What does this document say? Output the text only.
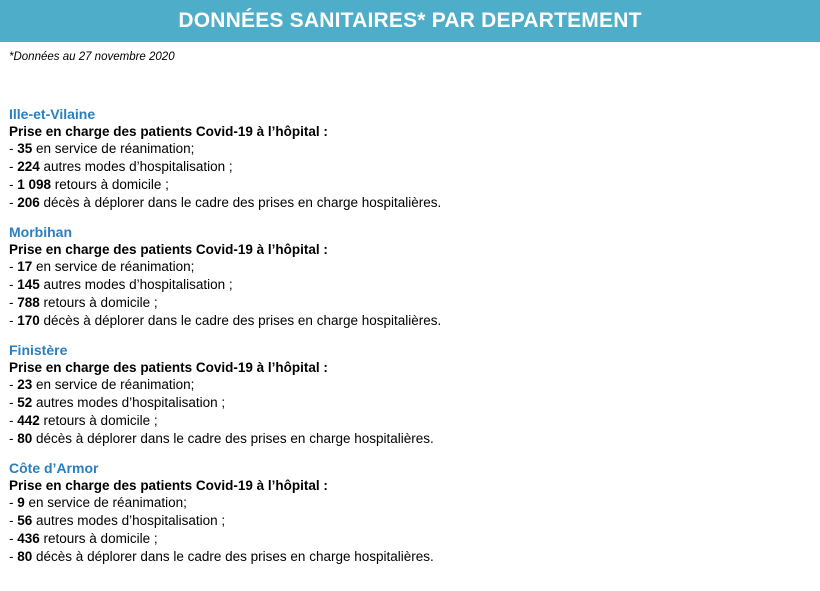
DONNÉES SANITAIRES* PAR DEPARTEMENT
*Données au 27 novembre 2020
Ille-et-Vilaine
Prise en charge des patients Covid-19 à l’hôpital :
- 35 en service de réanimation;
- 224 autres modes d’hospitalisation ;
- 1 098 retours à domicile ;
- 206 décès à déplorer dans le cadre des prises en charge hospitalières.
Morbihan
Prise en charge des patients Covid-19 à l’hôpital :
- 17 en service de réanimation;
- 145 autres modes d’hospitalisation ;
- 788 retours à domicile ;
- 170 décès à déplorer dans le cadre des prises en charge hospitalières.
Finistère
Prise en charge des patients Covid-19 à l’hôpital :
- 23 en service de réanimation;
- 52 autres modes d’hospitalisation ;
- 442 retours à domicile ;
- 80 décès à déplorer dans le cadre des prises en charge hospitalières.
Côte d’Armor
Prise en charge des patients Covid-19 à l’hôpital :
- 9 en service de réanimation;
- 56 autres modes d’hospitalisation ;
- 436 retours à domicile ;
- 80 décès à déplorer dans le cadre des prises en charge hospitalières.
